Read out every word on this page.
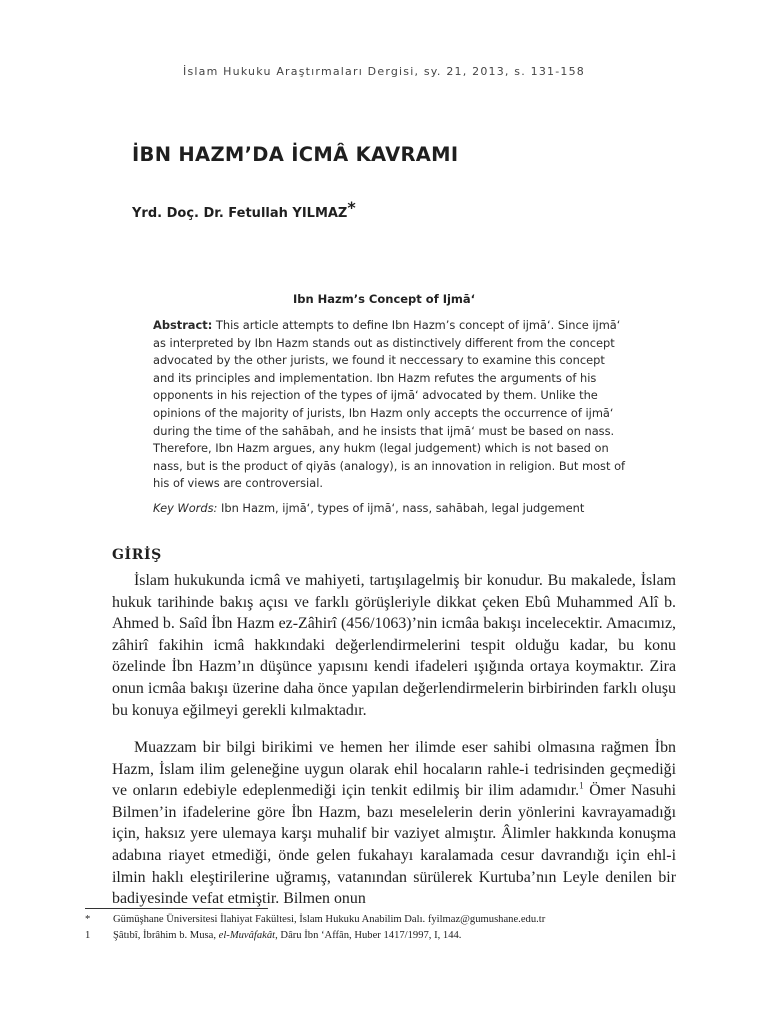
İslam Hukuku Araştırmaları Dergisi, sy. 21, 2013, s. 131-158
İBN HAZM’DA İCMÂ KAVRAMI
Yrd. Doç. Dr. Fetullah YILMAZ*
Ibn Hazm’s Concept of Ijmā‘

Abstract: This article attempts to define Ibn Hazm’s concept of ijmā‘. Since ijmā‘ as interpreted by Ibn Hazm stands out as distinctively different from the concept advocated by the other jurists, we found it neccessary to examine this concept and its principles and implementation. Ibn Hazm refutes the arguments of his opponents in his rejection of the types of ijmā‘ advocated by them. Unlike the opinions of the majority of jurists, Ibn Hazm only accepts the occurrence of ijmā‘ during the time of the sahābah, and he insists that ijmā‘ must be based on nass. Therefore, Ibn Hazm argues, any hukm (legal judgement) which is not based on nass, but is the product of qiyās (analogy), is an innovation in religion. But most of his of views are controversial.

Key Words: Ibn Hazm, ijmā‘, types of ijmā‘, nass, sahābah, legal judgement
GİRİŞ

İslam hukukunda icmâ ve mahiyeti, tartışılagelmiş bir konudur. Bu makalede, İslam hukuk tarihinde bakış açısı ve farklı görüşleriyle dikkat çeken Ebû Muhammed Alî b. Ahmed b. Saîd İbn Hazm ez-Zâhirî (456/1063)’nin icmâa bakışı incelecektir. Amacımız, zâhirî fakihin icmâ hakkındaki değerlendirmelerini tespit olduğu kadar, bu konu özelinde İbn Hazm’ın düşünce yapısını kendi ifadeleri ışığında ortaya koymaktır. Zira onun icmâa bakışı üzerine daha önce yapılan değerlendirmelerin birbirinden farklı oluşu bu konuya eğilmeyi gerekli kılmaktadır.

Muazzam bir bilgi birikimi ve hemen her ilimde eser sahibi olmasına rağmen İbn Hazm, İslam ilim geleneğine uygun olarak ehil hocaların rahle-i tedrisinden geçmediği ve onların edebiyle edeplenmediği için tenkit edilmiş bir ilim adamıdır.$^1$ Ömer Nasuhi Bilmen’in ifadelerine göre İbn Hazm, bazı meselelerin derin yönlerini kavrayamadığı için, haksız yere ulemaya karşı muhalif bir vaziyet almıştır. Âlimler hakkında konuşma adabına riayet etmediği, önde gelen fukahayı karalamada cesur davrandığı için ehl-i ilmin haklı eleştirilerine uğramış, vatanından sürülerek Kurtuba’nın Leyle denilen bir badiyesinde vefat etmiştir. Bilmen onun

* Gümüşhane Üniversitesi İlahiyat Fakültesi, İslam Hukuku Anabilim Dalı. fyilmaz@gumushane.edu.tr
1 Şâtıbî, İbrâhim b. Musa, el-Muvâfakât, Dâru İbn ‘Affân, Huber 1417/1997, I, 144.
